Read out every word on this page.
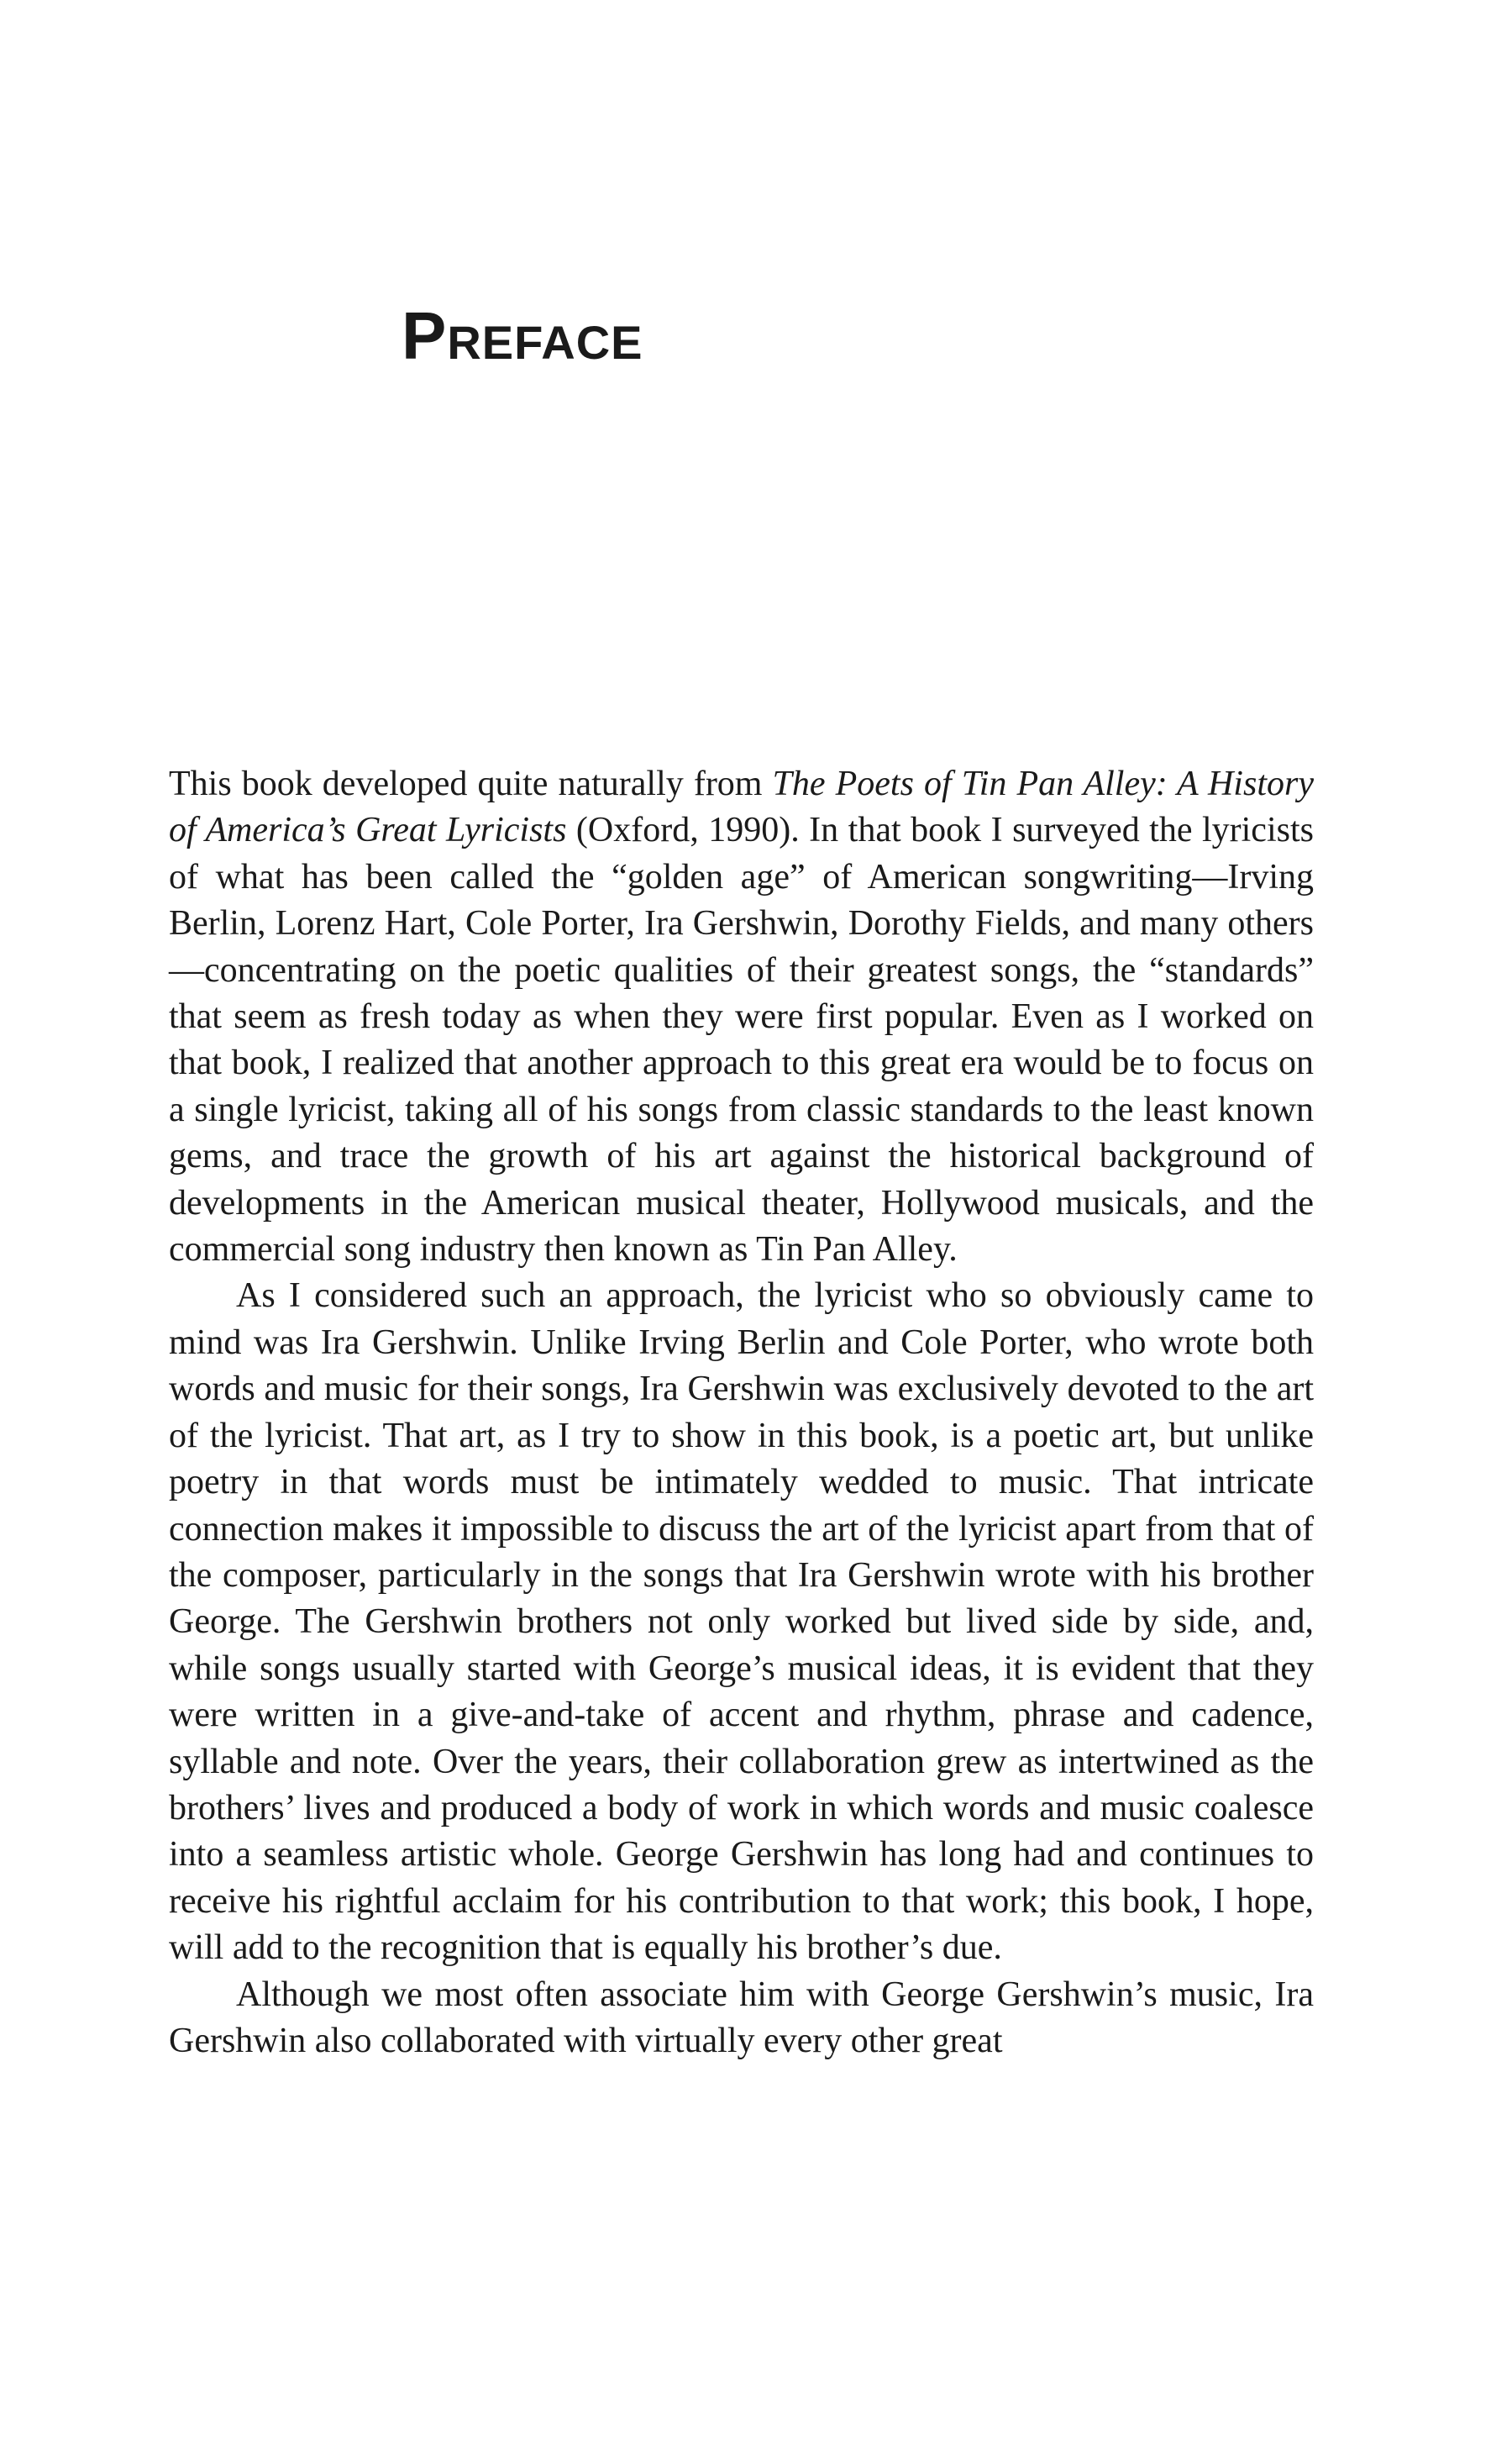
PREFACE

This book developed quite naturally from The Poets of Tin Pan Alley: A History of America’s Great Lyricists (Oxford, 1990). In that book I surveyed the lyricists of what has been called the “golden age” of American songwriting—Irving Berlin, Lorenz Hart, Cole Porter, Ira Gershwin, Dorothy Fields, and many others—concentrating on the poetic qualities of their greatest songs, the “standards” that seem as fresh today as when they were first popular. Even as I worked on that book, I realized that another approach to this great era would be to focus on a single lyricist, taking all of his songs from classic standards to the least known gems, and trace the growth of his art against the historical background of developments in the American musical theater, Hollywood musicals, and the commercial song industry then known as Tin Pan Alley.

As I considered such an approach, the lyricist who so obviously came to mind was Ira Gershwin. Unlike Irving Berlin and Cole Porter, who wrote both words and music for their songs, Ira Gershwin was exclusively devoted to the art of the lyricist. That art, as I try to show in this book, is a poetic art, but unlike poetry in that words must be intimately wedded to music. That intricate connection makes it impossible to discuss the art of the lyricist apart from that of the composer, particularly in the songs that Ira Gershwin wrote with his brother George. The Gershwin brothers not only worked but lived side by side, and, while songs usually started with George’s musical ideas, it is evident that they were written in a give-and-take of accent and rhythm, phrase and cadence, syllable and note. Over the years, their collaboration grew as intertwined as the brothers’ lives and produced a body of work in which words and music coalesce into a seamless artistic whole. George Gershwin has long had and continues to receive his rightful acclaim for his contribution to that work; this book, I hope, will add to the recognition that is equally his brother’s due.

Although we most often associate him with George Gershwin’s music, Ira Gershwin also collaborated with virtually every other great
